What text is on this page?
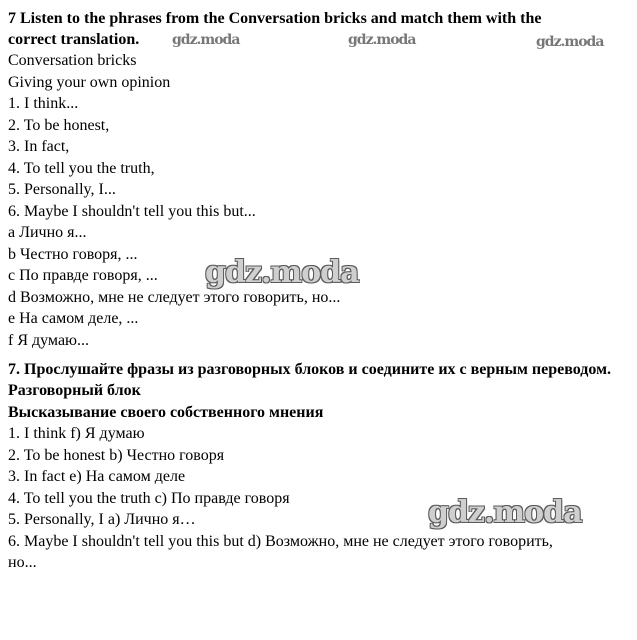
7 Listen to the phrases from the Conversation bricks and match them with the
correct translation.
Conversation bricks
Giving your own opinion
1. I think...
2. To be honest,
3. In fact,
4. To tell you the truth,
5. Personally, I...
6. Maybe I shouldn't tell you this but...
a Лично я...
b Честно говоря, ...
c По правде говоря, ...
d Возможно, мне не следует этого говорить, но...
e На самом деле, ...
f Я думаю...
7. Прослушайте фразы из разговорных блоков и соедините их с верным переводом.
Разговорный блок
Высказывание своего собственного мнения
1. I think f) Я думаю
2. To be honest b) Честно говоря
3. In fact e) На самом деле
4. To tell you the truth c) По правде говоря
5. Personally, I a) Лично я…
6. Maybe I shouldn't tell you this but d) Возможно, мне не следует этого говорить, но...
gdz.moda	gdz.moda	gdz.moda
gdz.moda
gdz.moda
